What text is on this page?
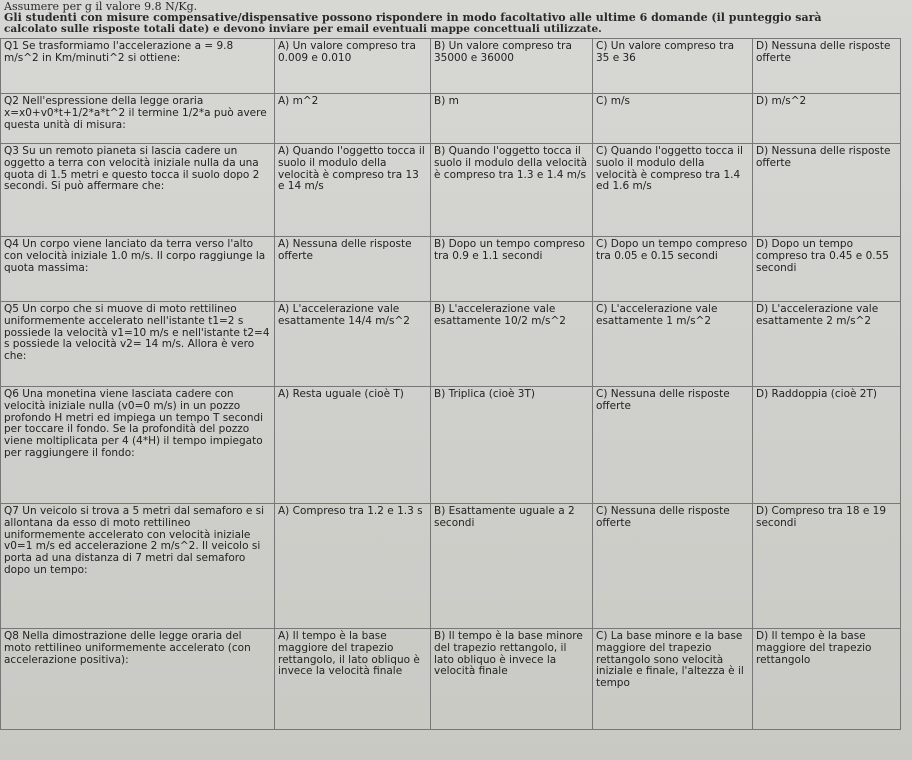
Assumere per g il valore 9.8 N/Kg.
Gli studenti con misure compensative/dispensative possono rispondere in modo facoltativo alle ultime 6 domande (il punteggio sarà
calcolato sulle risposte totali date) e devono inviare per email eventuali mappe concettuali utilizzate.
Q1 Se trasformiamo l'accelerazione a = 9.8 m/s^2 in Km/minuti^2 si ottiene:	A) Un valore compreso tra 0.009 e 0.010	B) Un valore compreso tra 35000 e 36000	C) Un valore compreso tra 35 e 36	D) Nessuna delle risposte offerte
Q2 Nell'espressione della legge oraria x=x0+v0*t+1/2*a*t^2 il termine 1/2*a può avere questa unità di misura:	A) m^2	B) m	C) m/s	D) m/s^2
Q3 Su un remoto pianeta si lascia cadere un oggetto a terra con velocità iniziale nulla da una quota di 1.5 metri e questo tocca il suolo dopo 2 secondi. Si può affermare che:	A) Quando l'oggetto tocca il suolo il modulo della velocità è compreso tra 13 e 14 m/s	B) Quando l'oggetto tocca il suolo il modulo della velocità è compreso tra 1.3 e 1.4 m/s	C) Quando l'oggetto tocca il suolo il modulo della velocità è compreso tra 1.4 ed 1.6 m/s	D) Nessuna delle risposte offerte
Q4 Un corpo viene lanciato da terra verso l'alto con velocità iniziale 1.0 m/s. Il corpo raggiunge la quota massima:	A) Nessuna delle risposte offerte	B) Dopo un tempo compreso tra 0.9 e 1.1 secondi	C) Dopo un tempo compreso tra 0.05 e 0.15 secondi	D) Dopo un tempo compreso tra 0.45 e 0.55 secondi
Q5 Un corpo che si muove di moto rettilineo uniformemente accelerato nell'istante t1=2 s possiede la velocità v1=10 m/s e nell'istante t2=4 s possiede la velocità v2= 14 m/s. Allora è vero che:	A) L'accelerazione vale esattamente 14/4 m/s^2	B) L'accelerazione vale esattamente 10/2 m/s^2	C) L'accelerazione vale esattamente 1 m/s^2	D) L'accelerazione vale esattamente 2 m/s^2
Q6 Una monetina viene lasciata cadere con velocità iniziale nulla (v0=0 m/s) in un pozzo profondo H metri ed impiega un tempo T secondi per toccare il fondo. Se la profondità del pozzo viene moltiplicata per 4 (4*H) il tempo impiegato per raggiungere il fondo:	A) Resta uguale (cioè T)	B) Triplica (cioè 3T)	C) Nessuna delle risposte offerte	D) Raddoppia (cioè 2T)
Q7 Un veicolo si trova a 5 metri dal semaforo e si allontana da esso di moto rettilineo uniformemente accelerato con velocità iniziale v0=1 m/s ed accelerazione 2 m/s^2. Il veicolo si porta ad una distanza di 7 metri dal semaforo dopo un tempo:	A) Compreso tra 1.2 e 1.3 s	B) Esattamente uguale a 2 secondi	C) Nessuna delle risposte offerte	D) Compreso tra 18 e 19 secondi
Q8 Nella dimostrazione delle legge oraria del moto rettilineo uniformemente accelerato (con accelerazione positiva):	A) Il tempo è la base maggiore del trapezio rettangolo, il lato obliquo è invece la velocità finale	B) Il tempo è la base minore del trapezio rettangolo, il lato obliquo è invece la velocità finale	C) La base minore e la base maggiore del trapezio rettangolo sono velocità iniziale e finale, l'altezza è il tempo	D) Il tempo è la base maggiore del trapezio rettangolo
